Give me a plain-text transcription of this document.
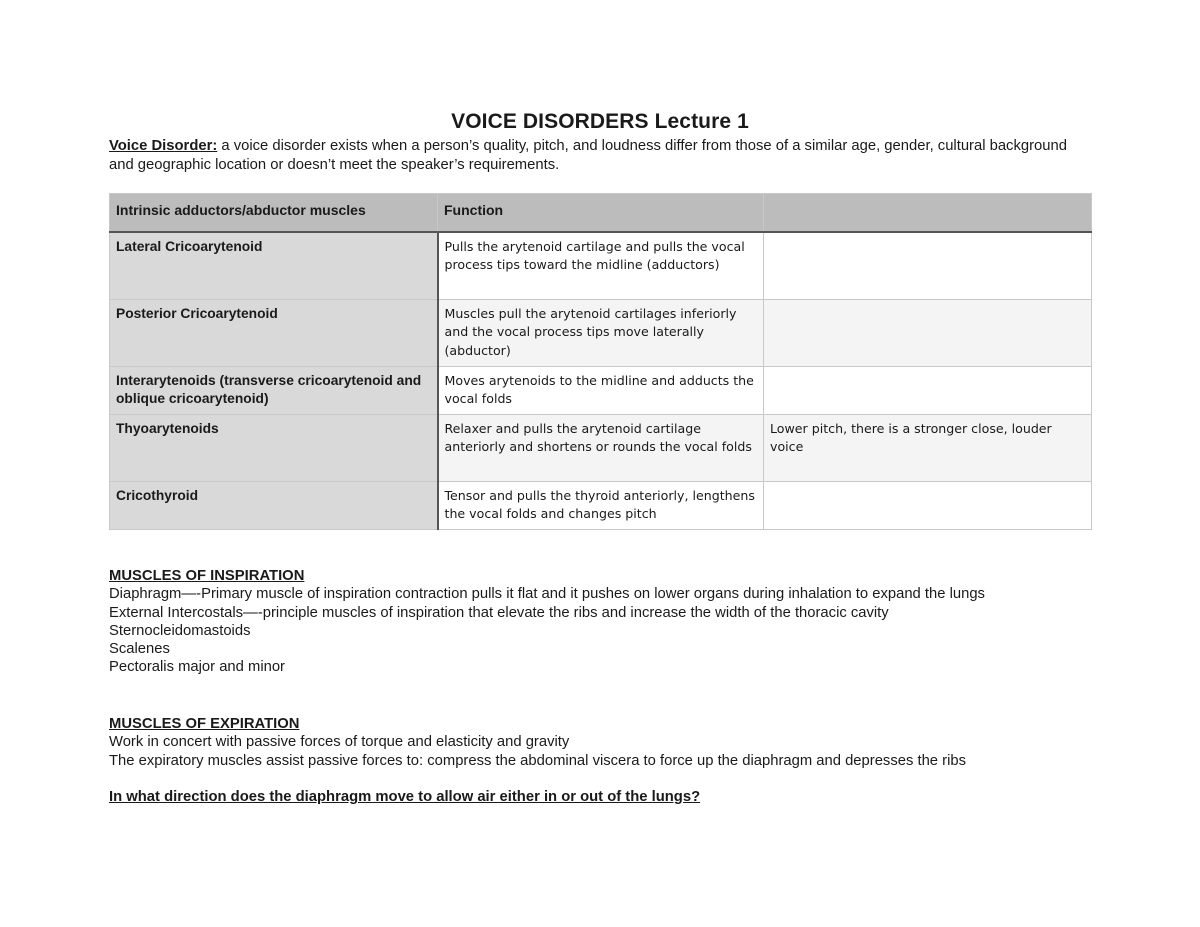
VOICE DISORDERS Lecture 1
Voice Disorder: a voice disorder exists when a person’s quality, pitch, and loudness differ from those of a similar age, gender, cultural background and geographic location or doesn’t meet the speaker’s requirements.
Intrinsic adductors/abductor muscles	Function	
Lateral Cricoarytenoid	Pulls the arytenoid cartilage and pulls the vocal process tips toward the midline (adductors)	
Posterior Cricoarytenoid	Muscles pull the arytenoid cartilages inferiorly and the vocal process tips move laterally (abductor)	
Interarytenoids (transverse cricoarytenoid and oblique cricoarytenoid)	Moves arytenoids to the midline and adducts the vocal folds	
Thyoarytenoids	Relaxer and pulls the arytenoid cartilage anteriorly and shortens or rounds the vocal folds	Lower pitch, there is a stronger close, louder voice
Cricothyroid	Tensor and pulls the thyroid anteriorly, lengthens the vocal folds and changes pitch	
MUSCLES OF INSPIRATION
Diaphragm—-Primary muscle of inspiration contraction pulls it flat and it pushes on lower organs during inhalation to expand the lungs
External Intercostals—-principle muscles of inspiration that elevate the ribs and increase the width of the thoracic cavity
Sternocleidomastoids
Scalenes
Pectoralis major and minor
MUSCLES OF EXPIRATION
Work in concert with passive forces of torque and elasticity and gravity
The expiratory muscles assist passive forces to: compress the abdominal viscera to force up the diaphragm and depresses the ribs
In what direction does the diaphragm move to allow air either in or out of the lungs?
